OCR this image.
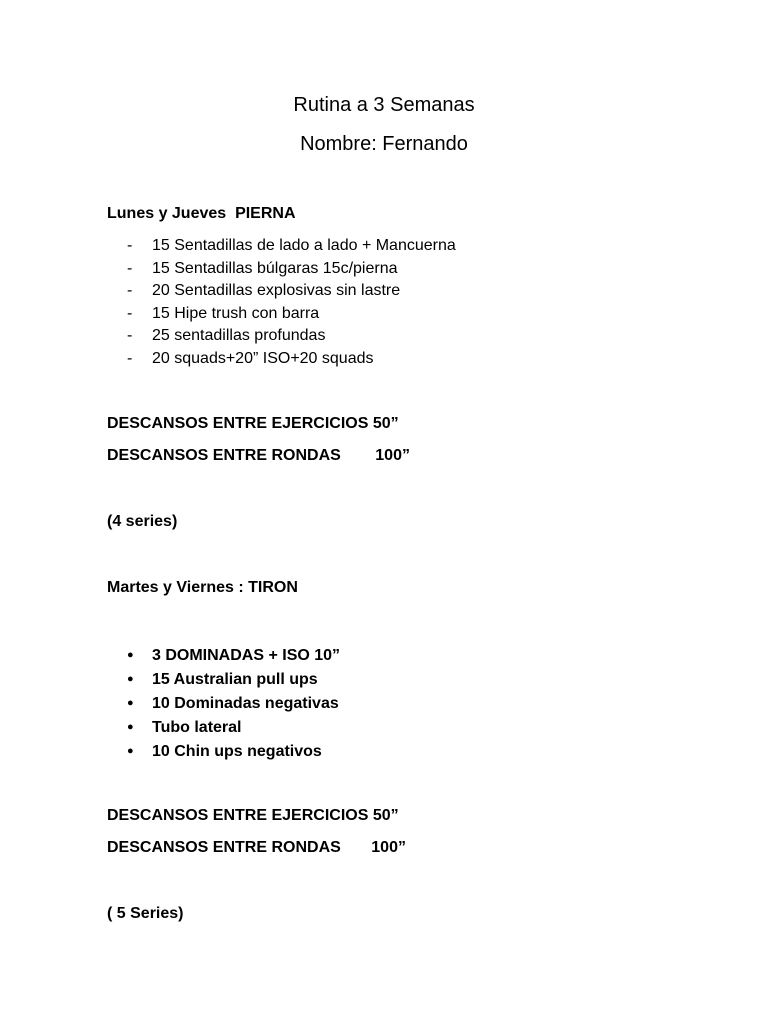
Rutina a 3 Semanas
Nombre: Fernando
Lunes y Jueves PIERNA
-	15 Sentadillas de lado a lado + Mancuerna
-	15 Sentadillas búlgaras 15c/pierna
-	20 Sentadillas explosivas sin lastre
-	15 Hipe trush con barra
-	25 sentadillas profundas
-	20 squads+20” ISO+20 squads
DESCANSOS ENTRE EJERCICIOS 50”
DESCANSOS ENTRE RONDAS 100”
(4 series)
Martes y Viernes : TIRON
●	3 DOMINADAS + ISO 10”
●	15 Australian pull ups
●	10 Dominadas negativas
●	Tubo lateral
●	10 Chin ups negativos
DESCANSOS ENTRE EJERCICIOS 50”
DESCANSOS ENTRE RONDAS 100”
( 5 Series)
